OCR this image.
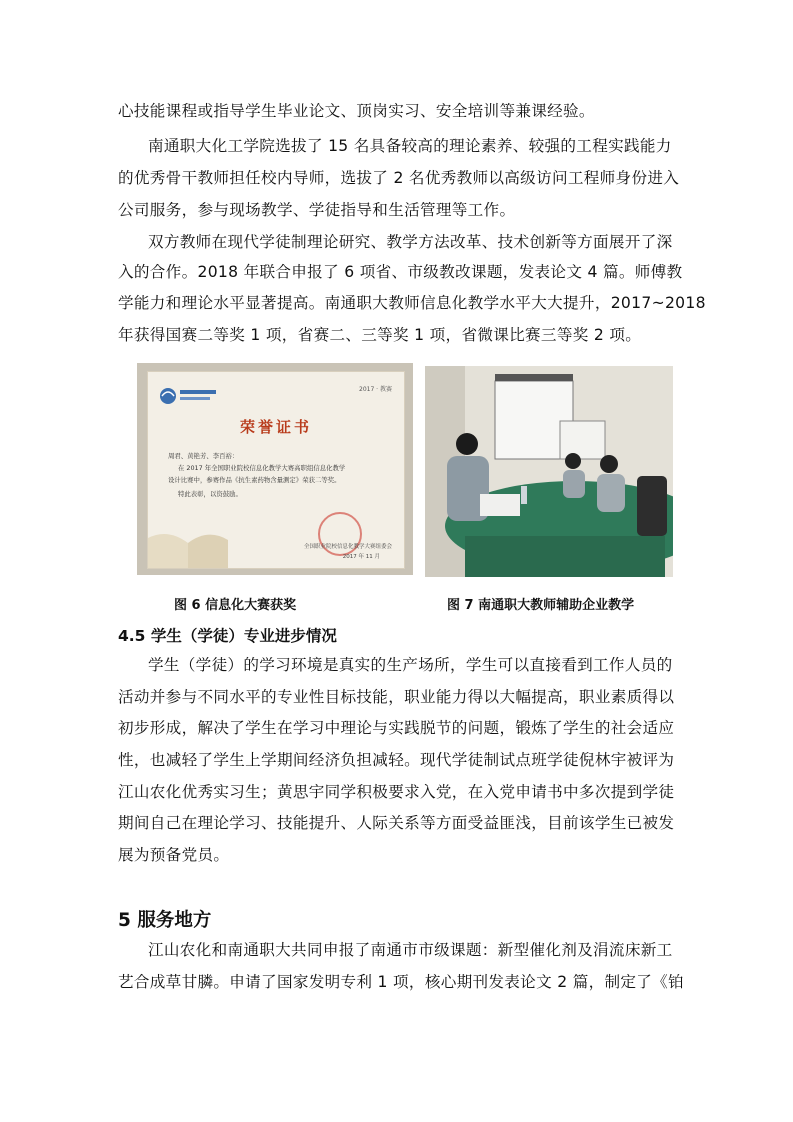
心技能课程或指导学生毕业论文、顶岗实习、安全培训等兼课经验。
南通职大化工学院选拔了 15 名具备较高的理论素养、较强的工程实践能力
的优秀骨干教师担任校内导师，选拔了 2 名优秀教师以高级访问工程师身份进入
公司服务，参与现场教学、学徒指导和生活管理等工作。
双方教师在现代学徒制理论研究、教学方法改革、技术创新等方面展开了深
入的合作。2018 年联合申报了 6 项省、市级教改课题，发表论文 4 篇。师傅教
学能力和理论水平显著提高。南通职大教师信息化教学水平大大提升，2017~2018
年获得国赛二等奖 1 项，省赛二、三等奖 1 项，省微课比赛三等奖 2 项。
2017 · 教赛
荣誉证书
周君、黄艳芳、李百裕：
在 2017 年全国职业院校信息化教学大赛高职组信息化教学
设计比赛中，参赛作品《抗生素药物含量测定》荣获二等奖。
特此表彰，以资鼓励。
全国职业院校信息化教学大赛组委会
2017 年 11 月
图 6 信息化大赛获奖	图 7 南通职大教师辅助企业教学
4.5 学生（学徒）专业进步情况
学生（学徒）的学习环境是真实的生产场所，学生可以直接看到工作人员的
活动并参与不同水平的专业性目标技能，职业能力得以大幅提高，职业素质得以
初步形成，解决了学生在学习中理论与实践脱节的问题，锻炼了学生的社会适应
性，也减轻了学生上学期间经济负担减轻。现代学徒制试点班学徒倪林宇被评为
江山农化优秀实习生；黄思宇同学积极要求入党，在入党申请书中多次提到学徒
期间自己在理论学习、技能提升、人际关系等方面受益匪浅，目前该学生已被发
展为预备党员。
5 服务地方
江山农化和南通职大共同申报了南通市市级课题：新型催化剂及涓流床新工
艺合成草甘膦。申请了国家发明专利 1 项，核心期刊发表论文 2 篇，制定了《铂
